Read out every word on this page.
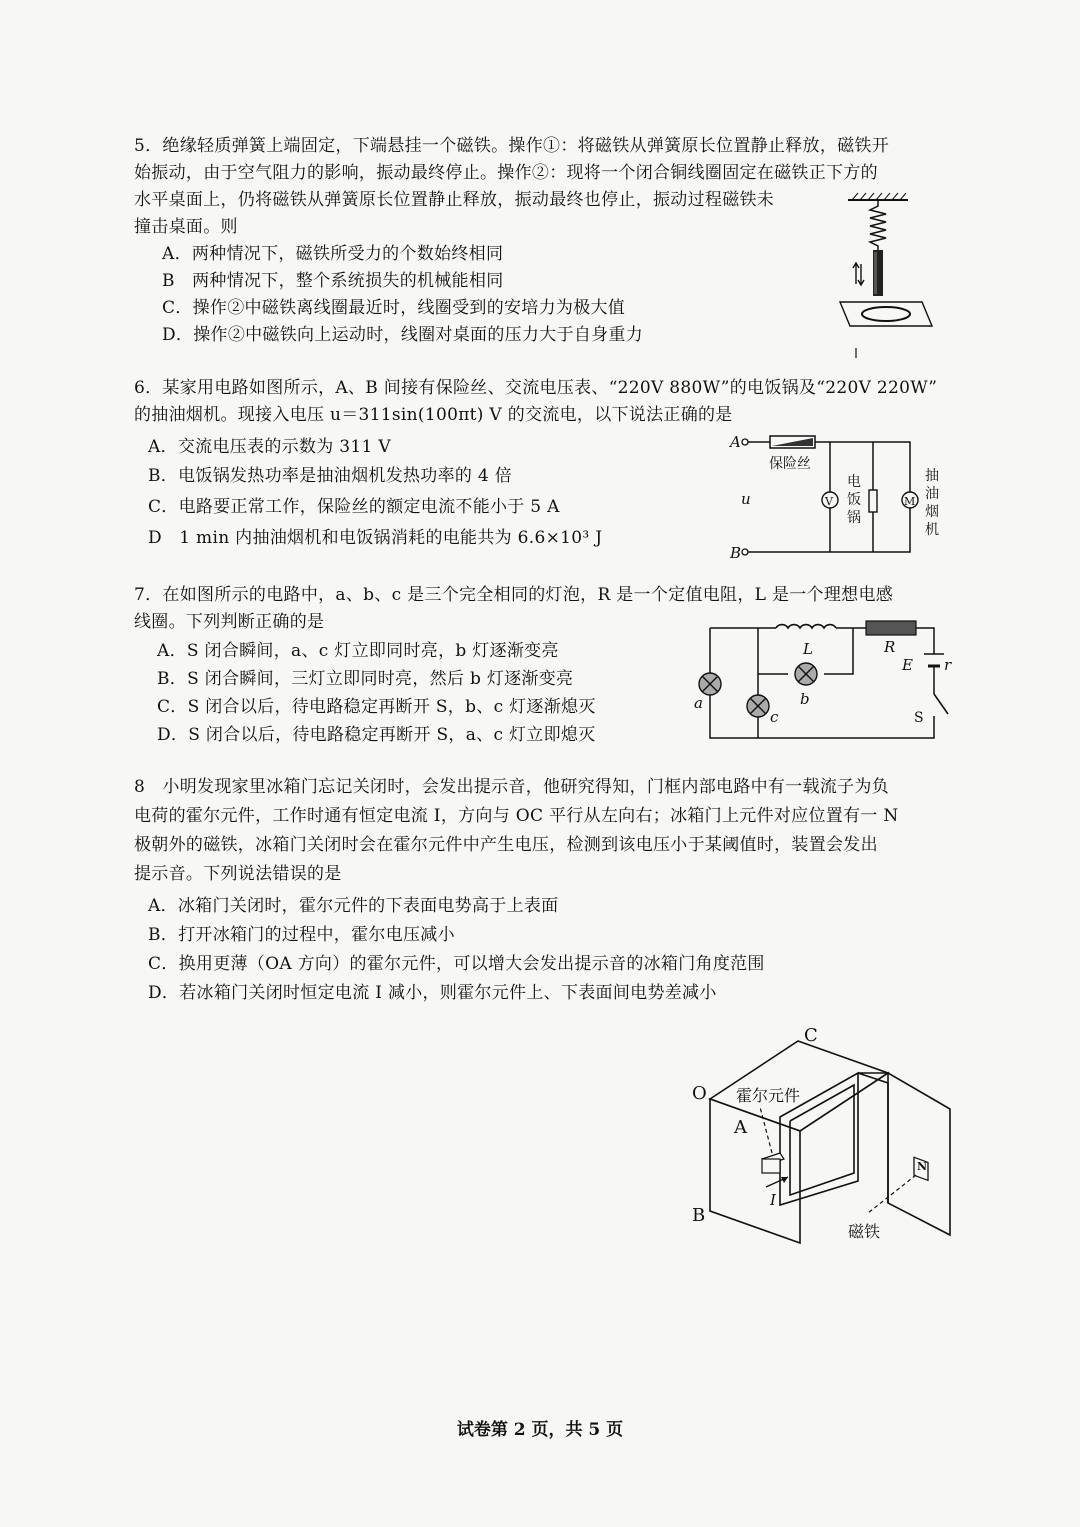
5．绝缘轻质弹簧上端固定，下端悬挂一个磁铁。操作①：将磁铁从弹簧原长位置静止释放，磁铁开
始振动，由于空气阻力的影响，振动最终停止。操作②：现将一个闭合铜线圈固定在磁铁正下方的
水平桌面上，仍将磁铁从弹簧原长位置静止释放，振动最终也停止，振动过程磁铁未
撞击桌面。则
A．两种情况下，磁铁所受力的个数始终相同
B　两种情况下，整个系统损失的机械能相同
C．操作②中磁铁离线圈最近时，线圈受到的安培力为极大值
D．操作②中磁铁向上运动时，线圈对桌面的压力大于自身重力
6．某家用电路如图所示，A、B 间接有保险丝、交流电压表、“220V 880W”的电饭锅及“220V 220W”
的抽油烟机。现接入电压 u＝311sin(100πt) V 的交流电，以下说法正确的是
A．交流电压表的示数为 311 V
B．电饭锅发热功率是抽油烟机发热功率的 4 倍
C．电路要正常工作，保险丝的额定电流不能小于 5 A
D　1 min 内抽油烟机和电饭锅消耗的电能共为 6.6×10³ J
A
B
u
保险丝
V
电
饭
锅
M
抽
油
烟
机
7．在如图所示的电路中，a、b、c 是三个完全相同的灯泡，R 是一个定值电阻，L 是一个理想电感
线圈。下列判断正确的是
A．S 闭合瞬间，a、c 灯立即同时亮，b 灯逐渐变亮
B．S 闭合瞬间，三灯立即同时亮，然后 b 灯逐渐变亮
C．S 闭合以后，待电路稳定再断开 S，b、c 灯逐渐熄灭
D．S 闭合以后，待电路稳定再断开 S，a、c 灯立即熄灭
L	R
E r
S
a	b
c
8　小明发现家里冰箱门忘记关闭时，会发出提示音，他研究得知，门框内部电路中有一载流子为负
电荷的霍尔元件，工作时通有恒定电流 I，方向与 OC 平行从左向右；冰箱门上元件对应位置有一 N
极朝外的磁铁，冰箱门关闭时会在霍尔元件中产生电压，检测到该电压小于某阈值时，装置会发出
提示音。下列说法错误的是
A．冰箱门关闭时，霍尔元件的下表面电势高于上表面
B．打开冰箱门的过程中，霍尔电压减小
C．换用更薄（OA 方向）的霍尔元件，可以增大会发出提示音的冰箱门角度范围
D．若冰箱门关闭时恒定电流 I 减小，则霍尔元件上、下表面间电势差减小
N
C
O
A
B
霍尔元件
I
磁铁
试卷第 2 页，共 5 页
